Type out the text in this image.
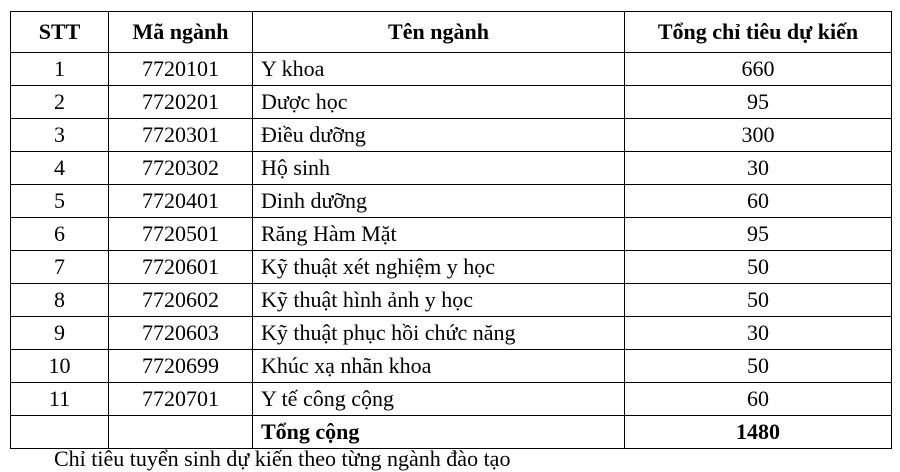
STT	Mã ngành	Tên ngành	Tổng chỉ tiêu dự kiến
1	7720101	Y khoa	660
2	7720201	Dược học	95
3	7720301	Điều dưỡng	300
4	7720302	Hộ sinh	30
5	7720401	Dinh dưỡng	60
6	7720501	Răng Hàm Mặt	95
7	7720601	Kỹ thuật xét nghiệm y học	50
8	7720602	Kỹ thuật hình ảnh y học	50
9	7720603	Kỹ thuật phục hồi chức năng	30
10	7720699	Khúc xạ nhãn khoa	50
11	7720701	Y tế công cộng	60
		Tổng cộng	1480
Chỉ tiêu tuyển sinh dự kiến theo từng ngành đào tạo
